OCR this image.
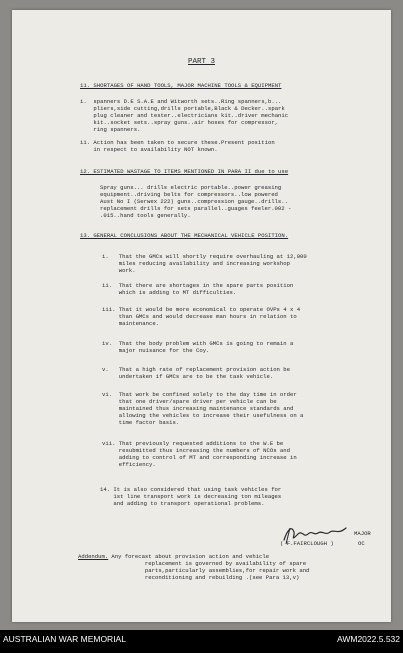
PART 3
11. SHORTAGES OF HAND TOOLS, MAJOR MACHINE TOOLS & EQUIPMENT
i.  spanners D.E S.A.E and Witworth sets..Ring spanners,b...
pliers,side cutting,drills portable,Black & Decker..spark
plug cleaner and tester..electricians kit..driver mechanic
kit..socket sets..spray guns..air hoses for compressor,
ring spanners.
ii. Action has been taken to secure these.Present position
in respect to availability NOT known.
12. ESTIMATED WASTAGE TO ITEMS MENTIONED IN PARA II due to use
Spray guns... drills electric portable..power greasing
equipment..driving belts for compressors..low powered
Aust No I (Serwex 222) guns..compression gauge..drills..
replacement drills for sets parallel..guages feeler.002 -
.015..hand tools generally.
13. GENERAL CONCLUSIONS ABOUT THE MECHANICAL VEHICLE POSITION.
i.   That the GMCs will shortly require overhauling at 12,000
miles reducing availability and increasing workshop
work.
ii.  That there are shortages in the spare parts position
which is adding to MT difficulties.
iii. That it would be more economical to operate OVPs 4 x 4
than GMCs and would decrease man hours in relation to
maintenance.
iv.  That the body problem with GMCs is going to remain a
major nuisance for the Coy.
v.   That a high rate of replacement provision action be
undertaken if GMCs are to be the task vehicle.
vi.  That work be confined solely to the day time in order
that one driver/spare driver per vehicle can be
maintained thus increasing maintenance standards and
allowing the vehicles to increase their usefulness on a
time factor basis.
vii. That previously requested additions to the W.E be
resubmitted thus increasing the numbers of NCOs and
adding to control of MT and corresponding increase in
efficiency.
14. It is also considered that using task vehicles for
1st line transport work is decreasing ton mileages
and adding to transport operational problems.
( F.FAIRCLOUGH )
MAJOR
OC
Addendum. Any forecast about provision action and vehicle
replacement is governed by availability of spare
parts,particularly assemblies,for repair work and
reconditioning and rebuilding .(see Para 13,v)
AUSTRALIAN WAR MEMORIAL	AWM2022.5.532
